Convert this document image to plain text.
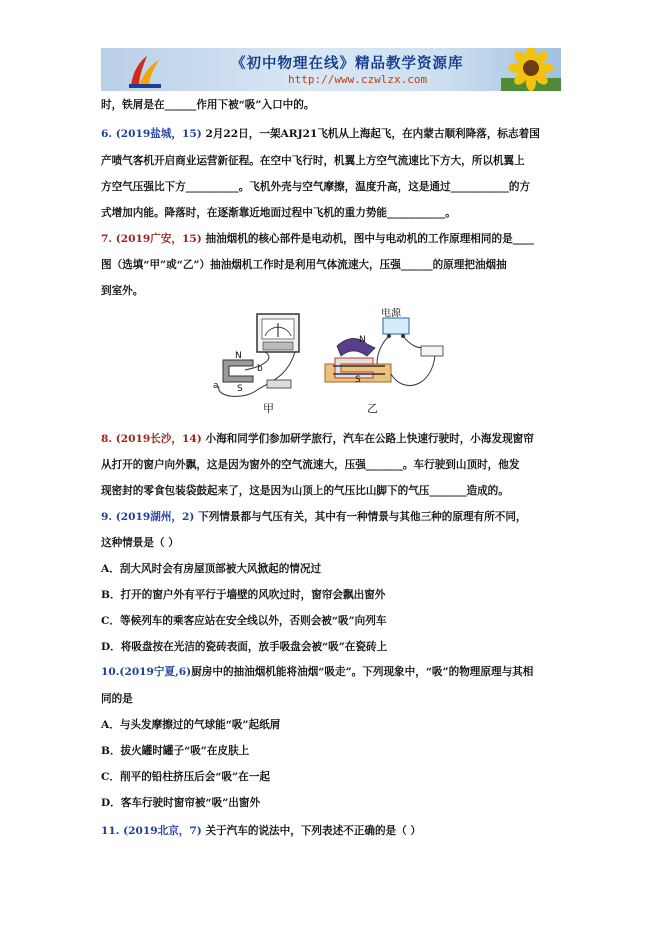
《初中物理在线》精品教学资源库
http://www.czwlzx.com
时，铁屑是在______作用下被“吸”入口中的。
6. (2019盐城，15) 2月22日，一架ARJ21飞机从上海起飞，在内蒙古顺利降落，标志着国
产喷气客机开启商业运营新征程。在空中飞行时，机翼上方空气流速比下方大，所以机翼上
方空气压强比下方__________。飞机外壳与空气摩擦，温度升高，这是通过___________的方
式增加内能。降落时，在逐渐靠近地面过程中飞机的重力势能___________。
7. (2019广安，15) 抽油烟机的核心部件是电动机，图中与电动机的工作原理相同的是____
图（选填“甲”或“乙”）抽油烟机工作时是利用气体流速大，压强______的原理把油烟抽
到室外。
8. (2019长沙，14) 小海和同学们参加研学旅行，汽车在公路上快速行驶时，小海发现窗帘
从打开的窗户向外飘，这是因为窗外的空气流速大，压强_______。车行驶到山顶时，他发
现密封的零食包装袋鼓起来了，这是因为山顶上的气压比山脚下的气压_______造成的。
9. (2019湖州，2) 下列情景都与气压有关，其中有一种情景与其他三种的原理有所不同，
这种情景是（ ）
A．刮大风时会有房屋顶部被大风掀起的情况过
B．打开的窗户外有平行于墙壁的风吹过时，窗帘会飘出窗外
C．等候列车的乘客应站在安全线以外，否则会被“吸”向列车
D．将吸盘按在光洁的瓷砖表面，放手吸盘会被“吸”在瓷砖上
10.(2019宁夏,6)厨房中的抽油烟机能将油烟“吸走”。下列现象中，“吸”的物理原理与其相
同的是
A．与头发摩擦过的气球能“吸”起纸屑
B．拔火罐时罐子“吸”在皮肤上
C．削平的铅柱挤压后会“吸”在一起
D．客车行驶时窗帘被“吸”出窗外
11. (2019北京，7) 关于汽车的说法中，下列表述不正确的是（ ）
N
S
a
b
甲
电源
N
S
乙
